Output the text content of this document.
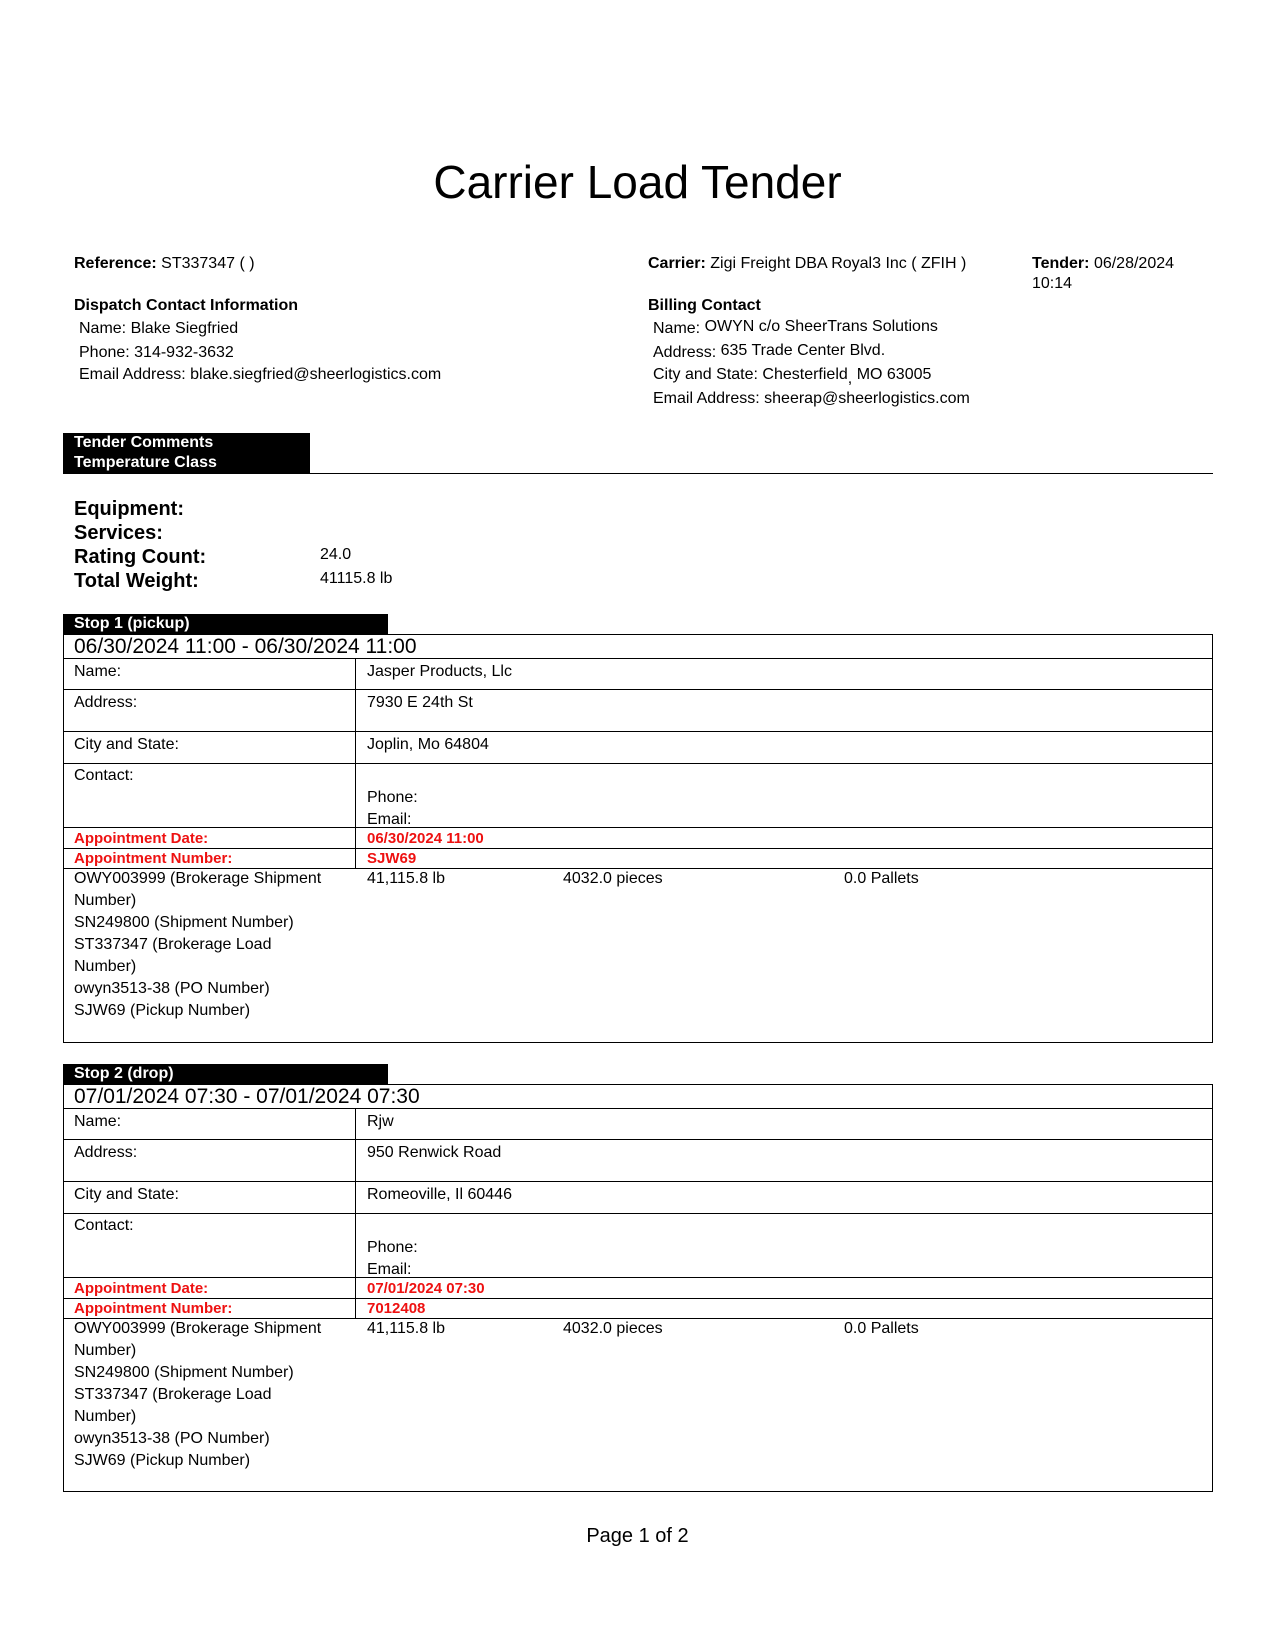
Carrier Load Tender
Reference: ST337347 ( )	Carrier: Zigi Freight DBA Royal3 Inc ( ZFIH )	Tender: 06/28/2024
10:14
Dispatch Contact Information
Name: Blake Siegfried
Phone: 314-932-3632
Email Address: blake.siegfried@sheerlogistics.com
Billing Contact
Name: OWYN c/o SheerTrans Solutions
Address: 635 Trade Center Blvd.
City and State: Chesterfield, MO 63005
Email Address: sheerap@sheerlogistics.com
Tender Comments
Temperature Class
Equipment:
Services:
Rating Count:	24.0
Total Weight:	41115.8 lb
Stop 1 (pickup)
06/30/2024 11:00 - 06/30/2024 11:00
Name:	Jasper Products, Llc
Address:	7930 E 24th St
City and State:	Joplin, Mo 64804
Contact:
Phone:
Email:
Appointment Date:	06/30/2024 11:00
Appointment Number:	SJW69
OWY003999 (Brokerage Shipment
Number)
SN249800 (Shipment Number)
ST337347 (Brokerage Load
Number)
owyn3513-38 (PO Number)
SJW69 (Pickup Number)
41,115.8 lb	4032.0 pieces	0.0 Pallets
Stop 2 (drop)
07/01/2024 07:30 - 07/01/2024 07:30
Name:	Rjw
Address:	950 Renwick Road
City and State:	Romeoville, Il 60446
Contact:
Phone:
Email:
Appointment Date:	07/01/2024 07:30
Appointment Number:	7012408
OWY003999 (Brokerage Shipment
Number)
SN249800 (Shipment Number)
ST337347 (Brokerage Load
Number)
owyn3513-38 (PO Number)
SJW69 (Pickup Number)
41,115.8 lb	4032.0 pieces	0.0 Pallets
Page 1 of 2
